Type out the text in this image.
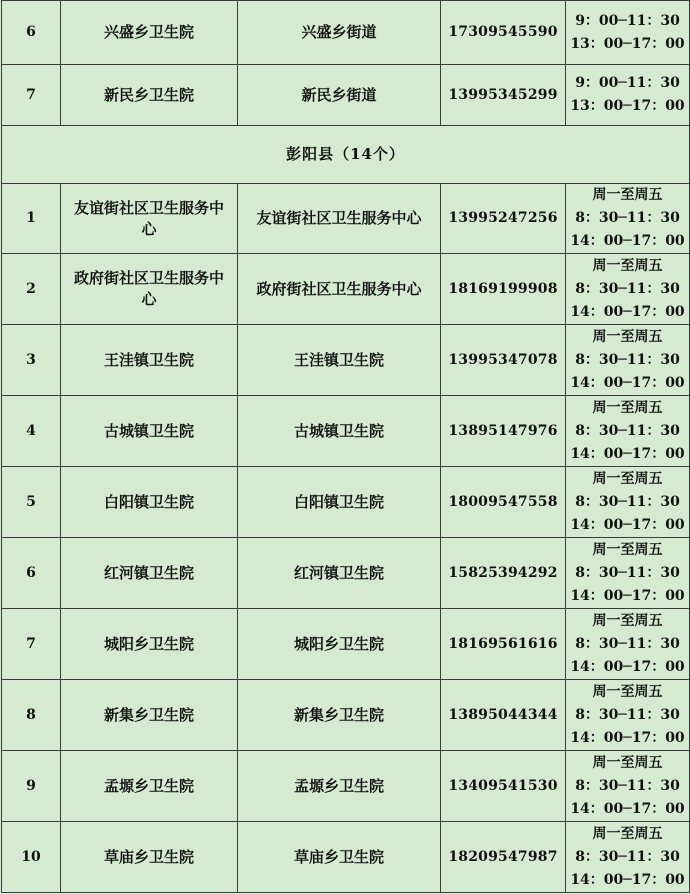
6	兴盛乡卫生院	兴盛乡街道	17309545590	9：00─11：30
13：00─17：00

7	新民乡卫生院	新民乡街道	13995345299	9：00─11：30
13：00─17：00

彭阳县（14个）				
1	友谊街社区卫生服务中心	友谊街社区卫生服务中心	13995247256	周一至周五
8：30─11：30
14：00─17：00

2	政府街社区卫生服务中心	政府街社区卫生服务中心	18169199908	周一至周五
8：30─11：30
14：00─17：00

3	王洼镇卫生院	王洼镇卫生院	13995347078	周一至周五
8：30─11：30
14：00─17：00

4	古城镇卫生院	古城镇卫生院	13895147976	周一至周五
8：30─11：30
14：00─17：00

5	白阳镇卫生院	白阳镇卫生院	18009547558	周一至周五
8：30─11：30
14：00─17：00

6	红河镇卫生院	红河镇卫生院	15825394292	周一至周五
8：30─11：30
14：00─17：00

7	城阳乡卫生院	城阳乡卫生院	18169561616	周一至周五
8：30─11：30
14：00─17：00

8	新集乡卫生院	新集乡卫生院	13895044344	周一至周五
8：30─11：30
14：00─17：00

9	孟塬乡卫生院	孟塬乡卫生院	13409541530	周一至周五
8：30─11：30
14：00─17：00

10	草庙乡卫生院	草庙乡卫生院	18209547987	周一至周五
8：30─11：30
14：00─17：00
